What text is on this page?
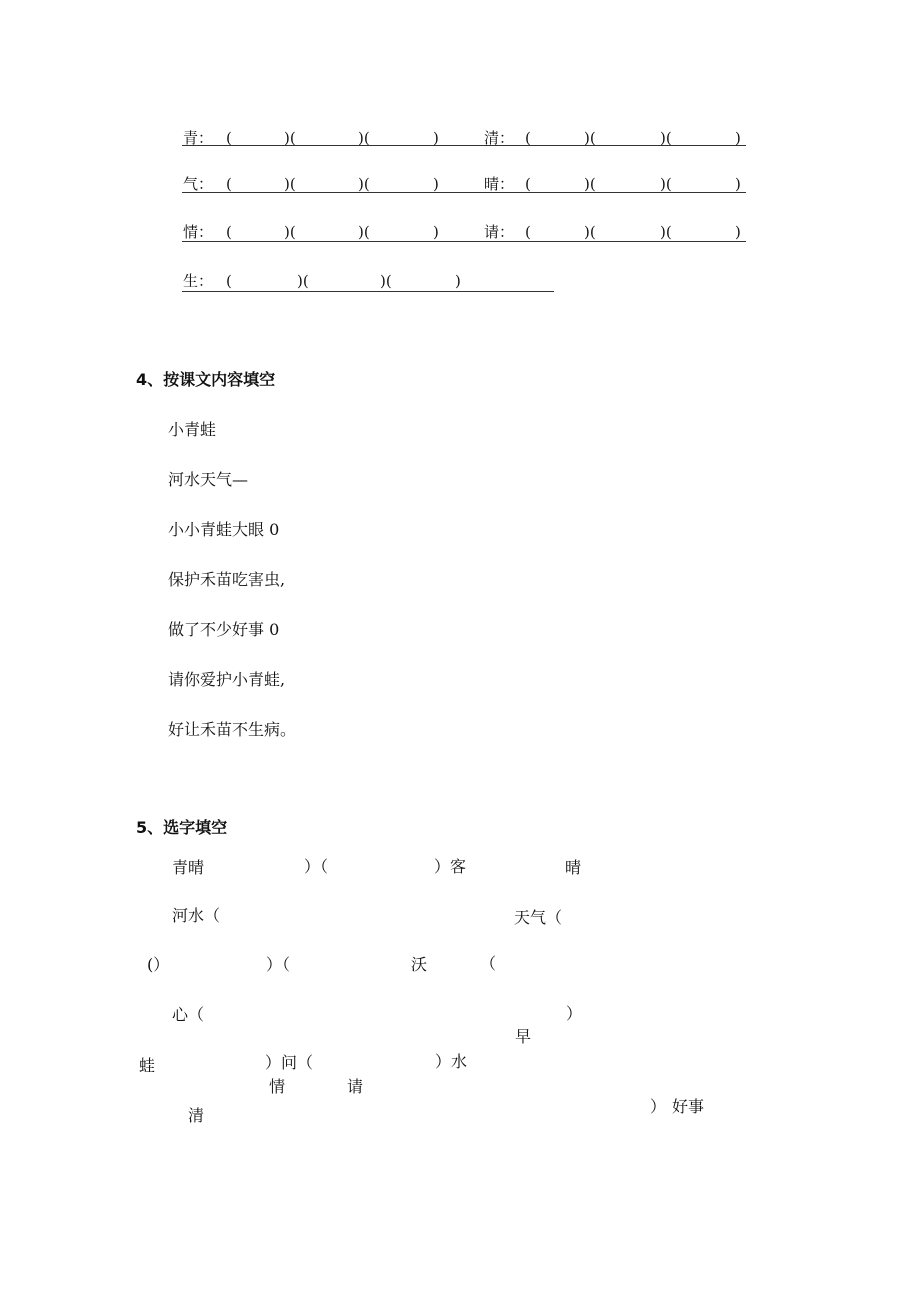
青： (	)(	)(	)	清： (	)(	)(	)
气： (	)(	)(	)	晴： (	)(	)(	)
情： (	)(	)(	)	请： (	)(	)(	)
生： (	)(	)(	)
4、按课文内容填空
小青蛙
河水天气—
小小青蛙大眼 0
保护禾苗吃害虫,
做了不少好事 0
请你爱护小青蛙,
好让禾苗不生病。
5、选字填空
青晴	）（	）客	晴
河水（	天气（
(）	）（	沃	（
心（	）
早
蛙	）问（	）水
情	请
） 好事
清
